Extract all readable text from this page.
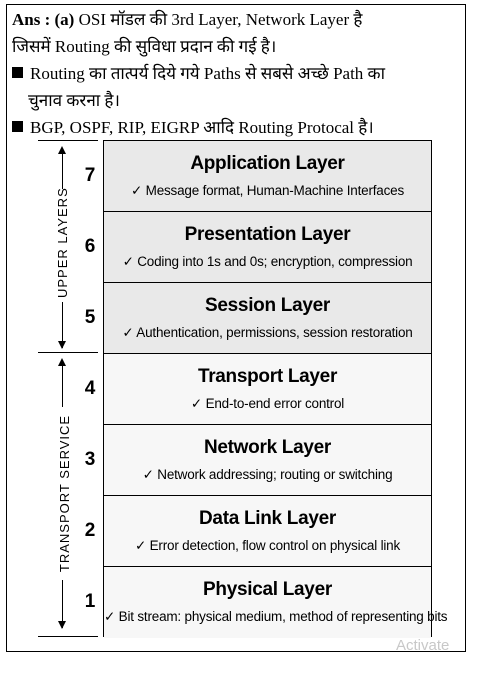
Ans : (a) OSI मॉडल की 3rd Layer, Network Layer है
जिसमें Routing की सुविधा प्रदान की गई है।
Routing का तात्पर्य दिये गये Paths से सबसे अच्छे Path का
चुनाव करना है।
BGP, OSPF, RIP, EIGRP आदि Routing Protocal है।
UPPER LAYERS
TRANSPORT SERVICE
7
6
5
4
3
2
1
Application Layer
✓ Message format, Human-Machine Interfaces
Presentation Layer
✓ Coding into 1s and 0s; encryption, compression
Session Layer
✓ Authentication, permissions, session restoration
Transport Layer
✓ End-to-end error control
Network Layer
✓ Network addressing; routing or switching
Data Link Layer
✓ Error detection, flow control on physical link
Physical Layer
✓ Bit stream: physical medium, method of representing bits
Activate
